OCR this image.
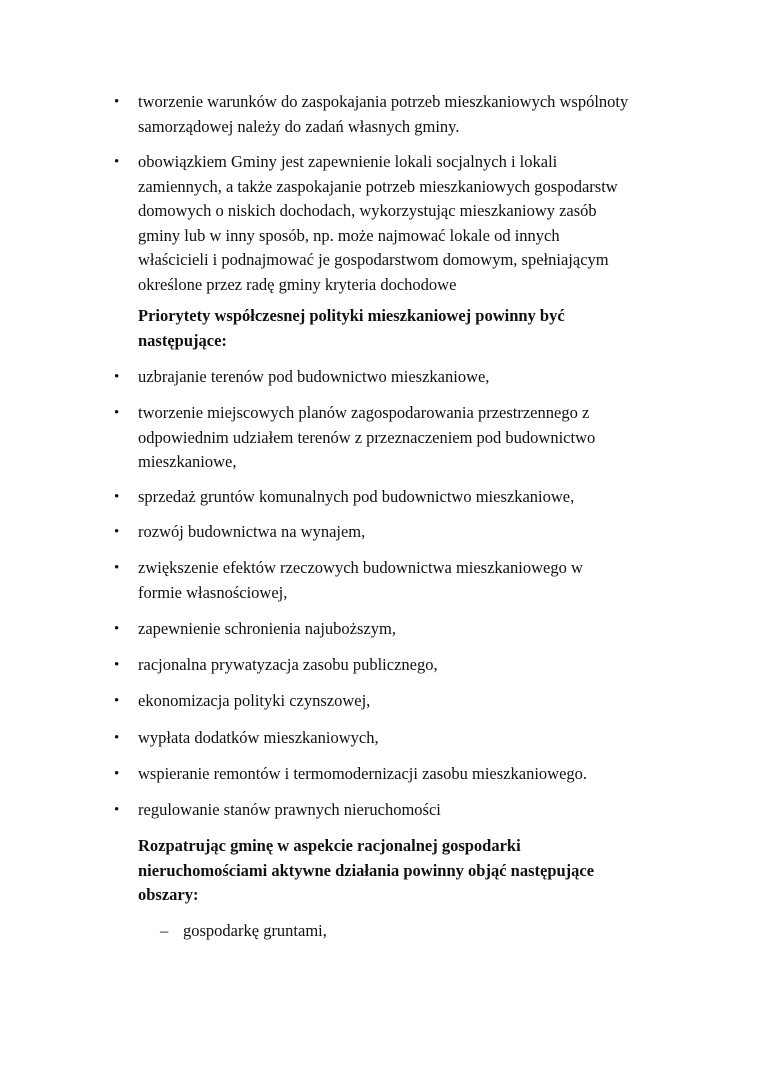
•	tworzenie warunków do zaspokajania potrzeb mieszkaniowych wspólnoty
samorządowej należy do zadań własnych gminy.
•	obowiązkiem Gminy jest zapewnienie lokali socjalnych i lokali
zamiennych, a także zaspokajanie potrzeb mieszkaniowych gospodarstw
domowych o niskich dochodach, wykorzystując mieszkaniowy zasób
gminy lub w inny sposób, np. może najmować lokale od innych
właścicieli i podnajmować je gospodarstwom domowym, spełniającym
określone przez radę gminy kryteria dochodowe
Priorytety współczesnej polityki mieszkaniowej powinny być
następujące:
•	uzbrajanie terenów pod budownictwo mieszkaniowe,
•	tworzenie miejscowych planów zagospodarowania przestrzennego z
odpowiednim udziałem terenów z przeznaczeniem pod budownictwo
mieszkaniowe,
•	sprzedaż gruntów komunalnych pod budownictwo mieszkaniowe,
•	rozwój budownictwa na wynajem,
•	zwiększenie efektów rzeczowych budownictwa mieszkaniowego w
formie własnościowej,
•	zapewnienie schronienia najuboższym,
•	racjonalna prywatyzacja zasobu publicznego,
•	ekonomizacja polityki czynszowej,
•	wypłata dodatków mieszkaniowych,
•	wspieranie remontów i termomodernizacji zasobu mieszkaniowego.
•	regulowanie stanów prawnych nieruchomości
Rozpatrując gminę w aspekcie racjonalnej gospodarki
nieruchomościami aktywne działania powinny objąć następujące
obszary:
– gospodarkę gruntami,
